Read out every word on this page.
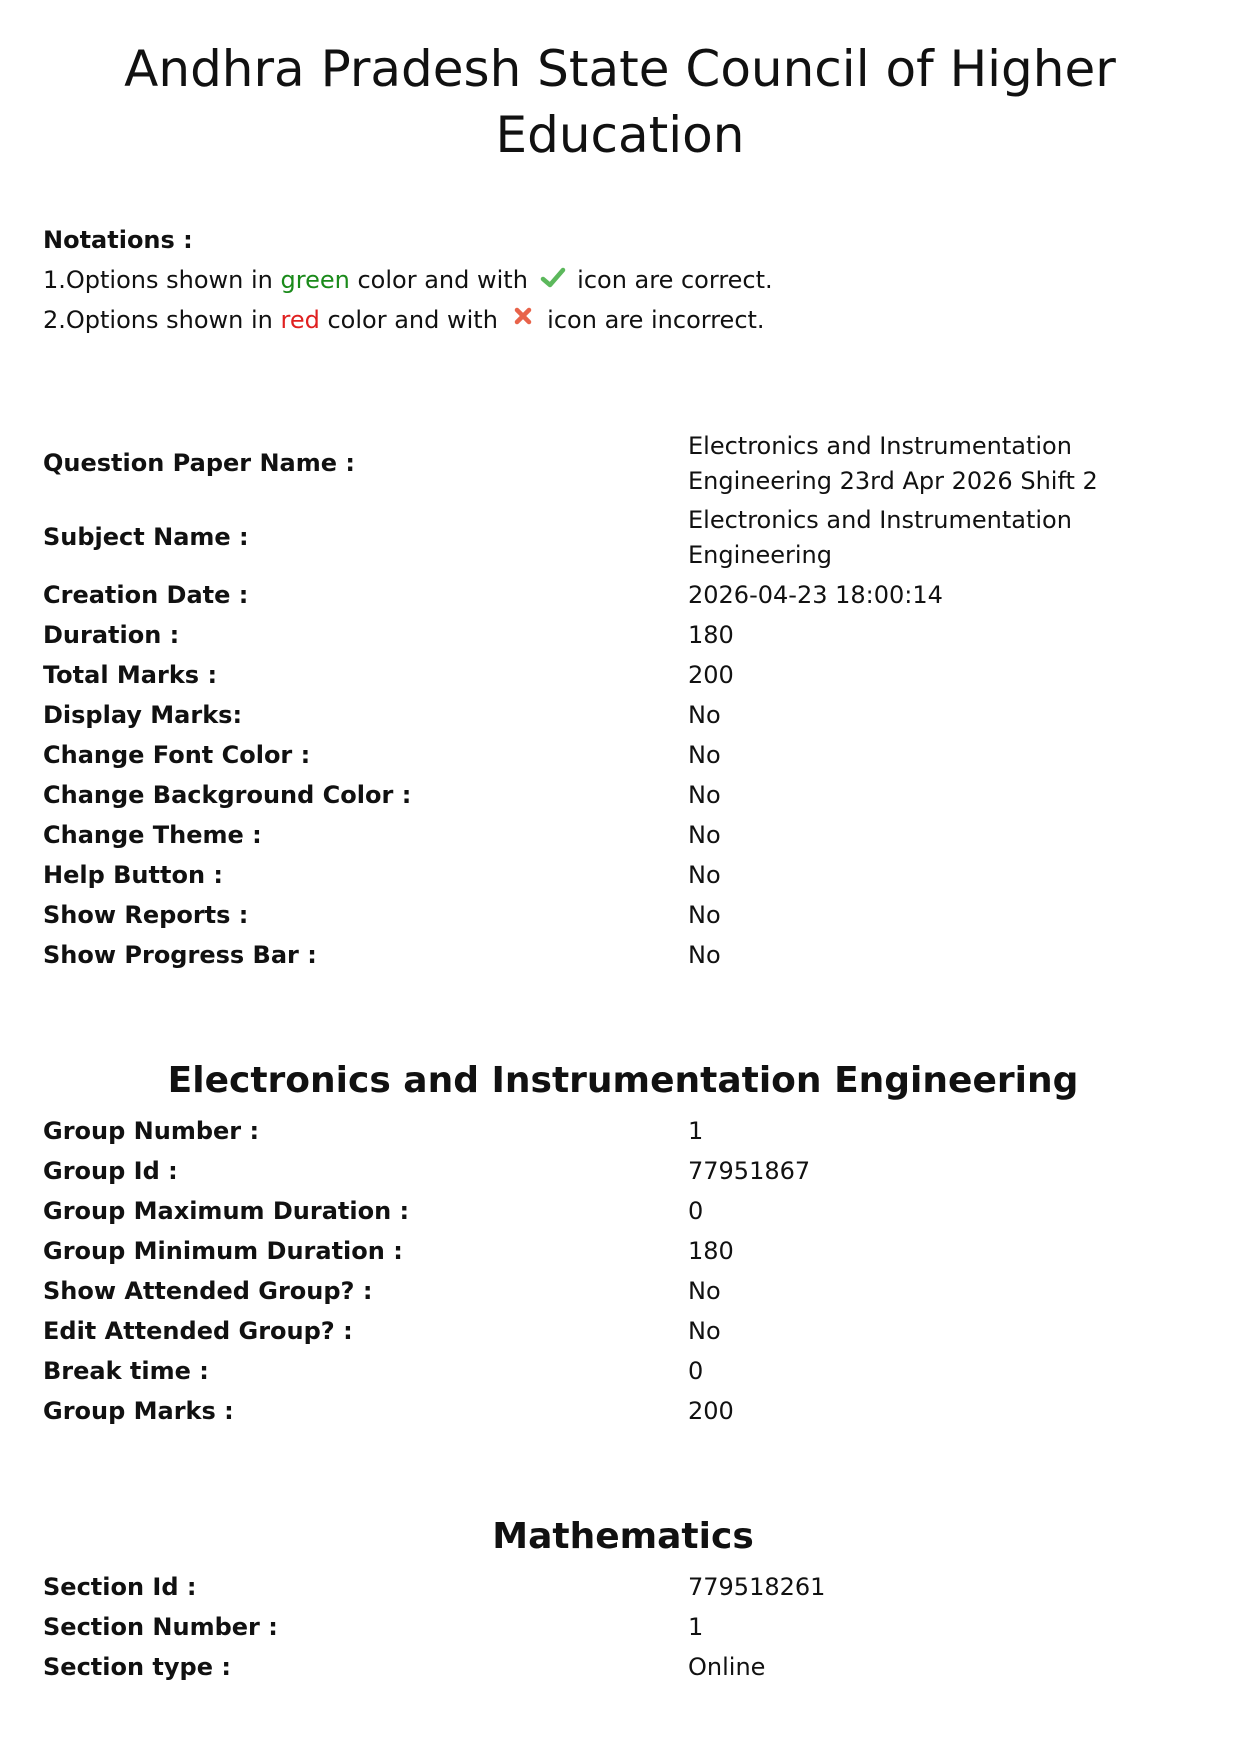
Andhra Pradesh State Council of Higher Education
Notations :
1.Options shown in green color and with  icon are correct.
2.Options shown in red color and with  icon are incorrect.
Question Paper Name :
Electronics and Instrumentation Engineering 23rd Apr 2026 Shift 2
Subject Name :
Electronics and Instrumentation Engineering
Creation Date :	2026-04-23 18:00:14
Duration :	180
Total Marks :	200
Display Marks:	No
Change Font Color :	No
Change Background Color :	No
Change Theme :	No
Help Button :	No
Show Reports :	No
Show Progress Bar :	No
Electronics and Instrumentation Engineering
Group Number :	1
Group Id :	77951867
Group Maximum Duration :	0
Group Minimum Duration :	180
Show Attended Group? :	No
Edit Attended Group? :	No
Break time :	0
Group Marks :	200
Mathematics
Section Id :	779518261
Section Number :	1
Section type :	Online
